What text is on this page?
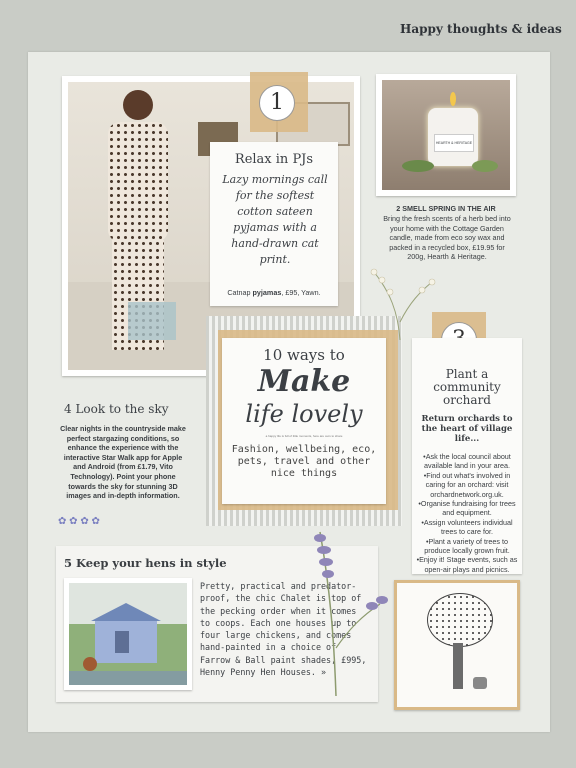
Happy thoughts & ideas
1
Relax in PJs
Lazy mornings call for the softest cotton sateen pyjamas with a hand-drawn cat print.
Catnap pyjamas, £95, Yawn.
HEARTH & HERITAGE
2 SMELL SPRING IN THE AIR
Bring the fresh scents of a herb bed into your home with the Cottage Garden candle, made from eco soy wax and packed in a recycled box, £19.95 for 200g, Hearth & Heritage.
10 ways to
Make
life lovely
a happy life is full of little moments, here are ours to share
Fashion, wellbeing, eco, pets, travel and other nice things
Plant a community orchard
Return orchards to the heart of village life...
• Ask the local council about available land in your area.
• Find out what's involved in caring for an orchard: visit orchardnetwork.org.uk.
• Organise fundraising for trees and equipment.
• Assign volunteers individual trees to care for.
• Plant a variety of trees to produce locally grown fruit.
• Enjoy it! Stage events, such as open-air plays and picnics.
4 Look to the sky
Clear nights in the countryside make perfect stargazing conditions, so enhance the experience with the interactive Star Walk app for Apple and Android (from £1.79, Vito Technology). Point your phone towards the sky for stunning 3D images and in-depth information.
✿ ✿ ✿ ✿
5 Keep your hens in style
Pretty, practical and predator-proof, the chic Chalet is top of the pecking order when it comes to coops. Each one houses up to four large chickens, and comes hand-painted in a choice of Farrow & Ball paint shades, £995, Henny Penny Hen Houses. »
